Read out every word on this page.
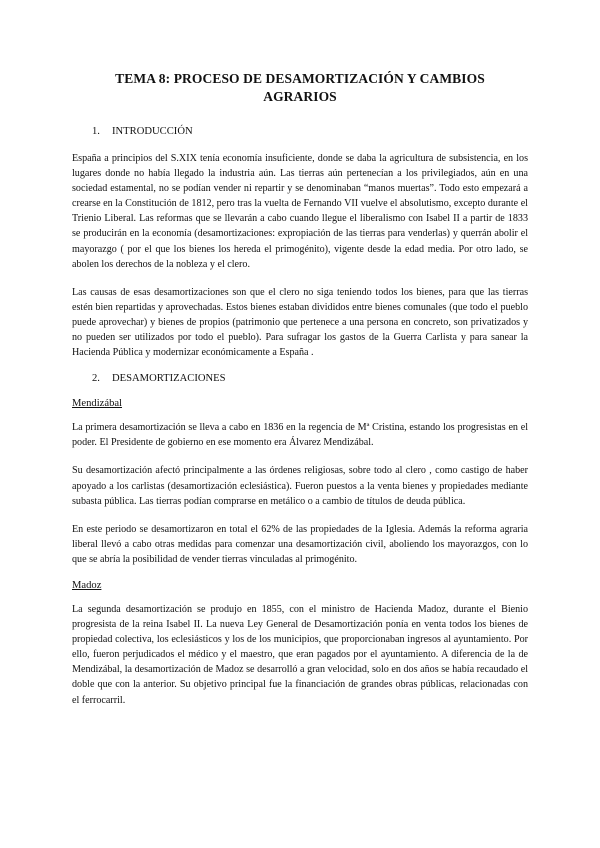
TEMA 8: PROCESO DE DESAMORTIZACIÓN Y CAMBIOS
AGRARIOS
1. INTRODUCCIÓN

España a principios del S.XIX tenía economía insuficiente, donde se daba la agricultura de subsistencia, en los lugares donde no había llegado la industria aún. Las tierras aún pertenecían a los privilegiados, aún en una sociedad estamental, no se podían vender ni repartir y se denominaban “manos muertas”. Todo esto empezará a crearse en la Constitución de 1812, pero tras la vuelta de Fernando VII vuelve el absolutismo, excepto durante el Trienio Liberal. Las reformas que se llevarán a cabo cuando llegue el liberalismo con Isabel II a partir de 1833 se producirán en la economía (desamortizaciones: expropiación de las tierras para venderlas) y querrán abolir el mayorazgo ( por el que los bienes los hereda el primogénito), vigente desde la edad media. Por otro lado, se abolen los derechos de la nobleza y el clero.

Las causas de esas desamortizaciones son que el clero no siga teniendo todos los bienes, para que las tierras estén bien repartidas y aprovechadas. Estos bienes estaban divididos entre bienes comunales (que todo el pueblo puede aprovechar) y bienes de propios (patrimonio que pertenece a una persona en concreto, son privatizados y no pueden ser utilizados por todo el pueblo). Para sufragar los gastos de la Guerra Carlista y para sanear la Hacienda Pública y modernizar económicamente a España .

2. DESAMORTIZACIONES
Mendizábal

La primera desamortización se lleva a cabo en 1836 en la regencia de Mª Cristina, estando los progresistas en el poder. El Presidente de gobierno en ese momento era Álvarez Mendizábal.

Su desamortización afectó principalmente a las órdenes religiosas, sobre todo al clero , como castigo de haber apoyado a los carlistas (desamortización eclesiástica). Fueron puestos a la venta bienes y propiedades mediante subasta pública. Las tierras podían comprarse en metálico o a cambio de títulos de deuda pública.

En este periodo se desamortizaron en total el 62% de las propiedades de la Iglesia. Además la reforma agraria liberal llevó a cabo otras medidas para comenzar una desamortización civil, aboliendo los mayorazgos, con lo que se abría la posibilidad de vender tierras vinculadas al primogénito.

Madoz

La segunda desamortización se produjo en 1855, con el ministro de Hacienda Madoz, durante el Bienio progresista de la reina Isabel II. La nueva Ley General de Desamortización ponía en venta todos los bienes de propiedad colectiva, los eclesiásticos y los de los municipios, que proporcionaban ingresos al ayuntamiento. Por ello, fueron perjudicados el médico y el maestro, que eran pagados por el ayuntamiento. A diferencia de la de Mendizábal, la desamortización de Madoz se desarrolló a gran velocidad, solo en dos años se había recaudado el doble que con la anterior. Su objetivo principal fue la financiación de grandes obras públicas, relacionadas con el ferrocarril.
